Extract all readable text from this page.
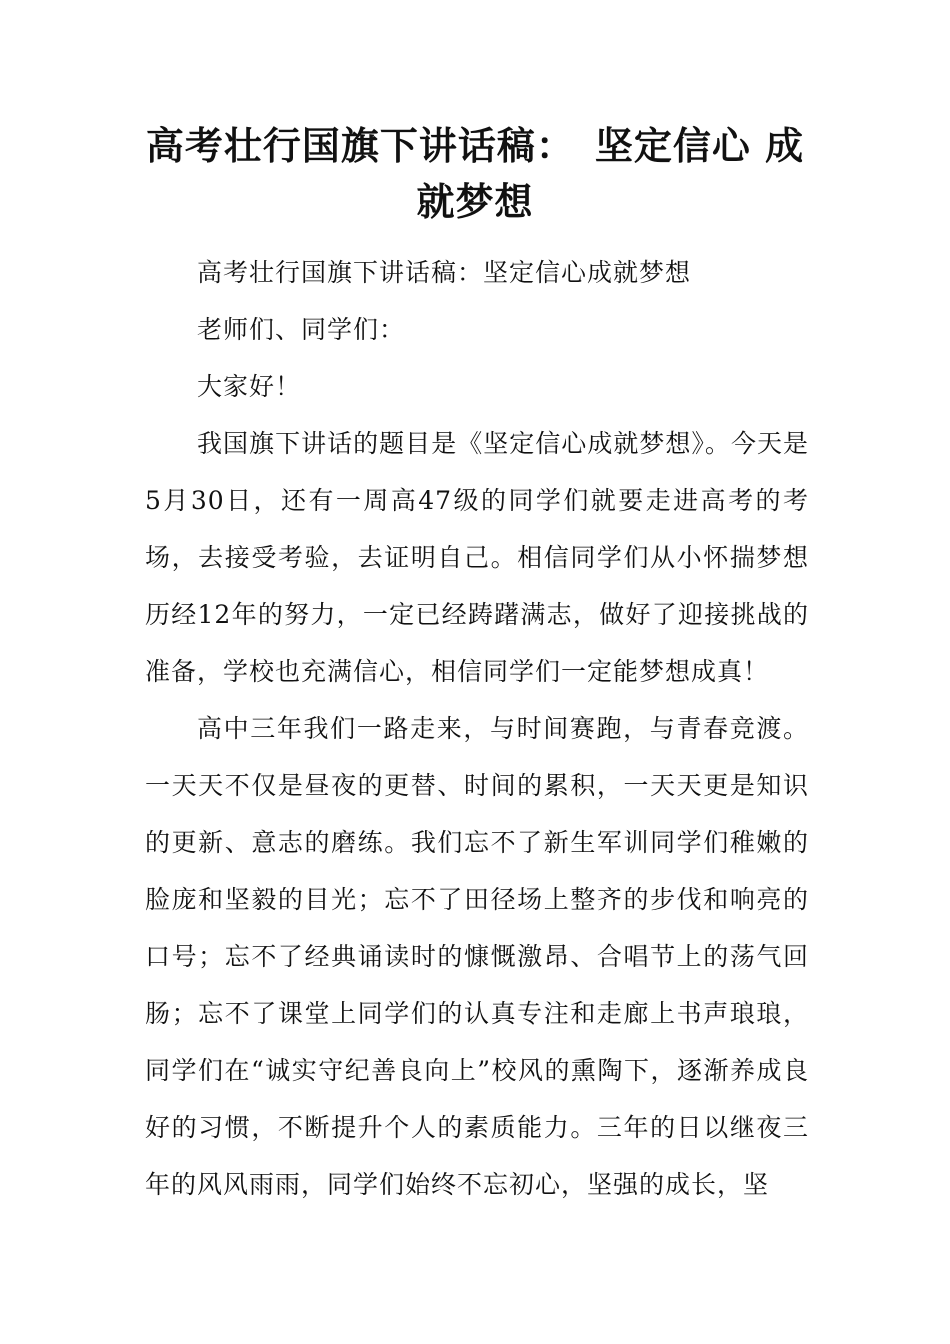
高考壮行国旗下讲话稿：　坚定信心 成就梦想

高考壮行国旗下讲话稿：坚定信心成就梦想

老师们、同学们：

大家好！

我国旗下讲话的题目是《坚定信心成就梦想》。今天是5月30日，还有一周高47级的同学们就要走进高考的考场，去接受考验，去证明自己。相信同学们从小怀揣梦想历经12年的努力，一定已经踌躇满志，做好了迎接挑战的准备，学校也充满信心，相信同学们一定能梦想成真！

高中三年我们一路走来，与时间赛跑，与青春竞渡。一天天不仅是昼夜的更替、时间的累积，一天天更是知识的更新、意志的磨练。我们忘不了新生军训同学们稚嫩的脸庞和坚毅的目光；忘不了田径场上整齐的步伐和响亮的口号；忘不了经典诵读时的慷慨激昂、合唱节上的荡气回肠；忘不了课堂上同学们的认真专注和走廊上书声琅琅，同学们在“诚实守纪善良向上”校风的熏陶下，逐渐养成良好的习惯，不断提升个人的素质能力。三年的日以继夜三年的风风雨雨，同学们始终不忘初心，坚强的成长，坚
